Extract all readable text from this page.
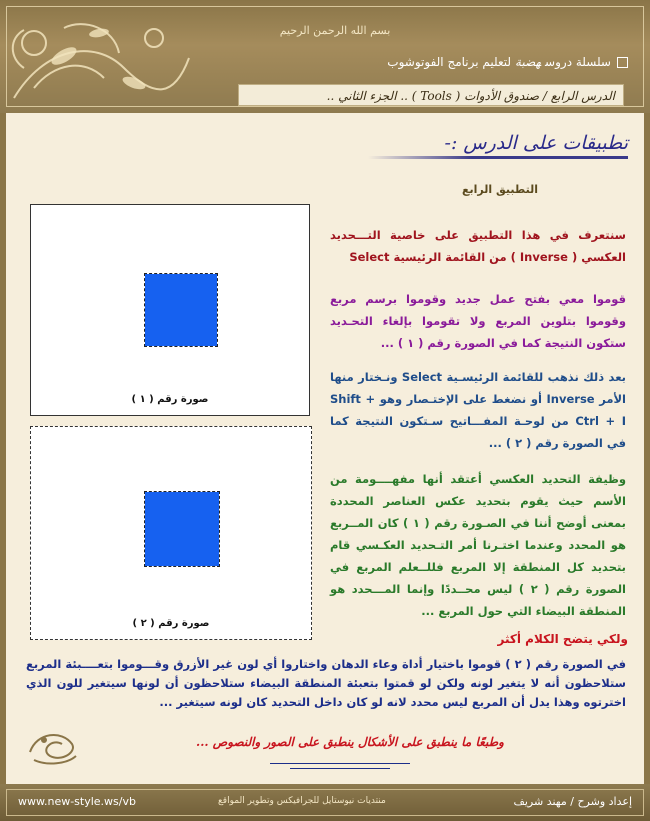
بسم الله الرحمن الرحيم
سلسلة دروسهضبةلتعليم برنامج الفوتوشوب
الدرس الرابع / صندوق الأدوات ( Tools ) .. الجزء الثاني ..
تطبيقات على الدرس :-
التطبيق الرابع
صورة رقم ( ١ )
صورة رقم ( ٢ )
سنتعرف في هذا التطبيق على خاصية التـــحديد العكسي ( Inverse ) من القائمة الرئيسية Select
قوموا معي بفتح عمل جديد وقوموا برسم مربع وقوموا بتلوين المربع ولا تقوموا بإلغاء التحـديد ستكون النتيجة كما في الصورة رقم ( ١ ) ...
بعد ذلك نذهب للقائمة الرئيسـية Select ونـختار منها الأمر Inverse أو نضغط على الإختـصار وهو Shift + Ctrl + I من لوحـة المفـــاتيح سـتكون النتيجة كما في الصورة رقم ( ٢ ) ...
وظيفة التحديد العكسي أعتقد أنها مفهــــومة من الأسم حيث يقوم بتحديد عكس العناصر المحددة بمعنى أوضح أننا في الصـورة رقم ( ١ ) كان المــربع هو المحدد وعندما اختـرنا أمر التـحديد العكـسي قام بتحديد كل المنطقة إلا المربع فللــعلم المربع في الصورة رقم ( ٢ ) ليس محــددًا وإنما المـــحدد هو المنطقة البيضاء التي حول المربع ...
ولكي يتضح الكلام أكثر
في الصورة رقم ( ٢ ) قوموا باختيار أداة وعاء الدهان واختاروا أي لون غير الأزرق وقـــوموا بتعــــبئة المربع ستلاحظون أنه لا يتغير لونه ولكن لو قمتوا بتعبئة المنطقة البيضاء ستلاحظون أن لونها سيتغير للون الذي اخترتوه وهذا يدل أن المربع ليس محدد لانه لو كان داخل التحديد كان لونه سيتغير ...
وطبعًا ما ينطبق على الأشكال ينطبق على الصور والنصوص ...
www.new-style.ws/vb	منتديات نيوستايل للجرافيكس وتطوير المواقع	إعداد وشرح / مهند شريف
